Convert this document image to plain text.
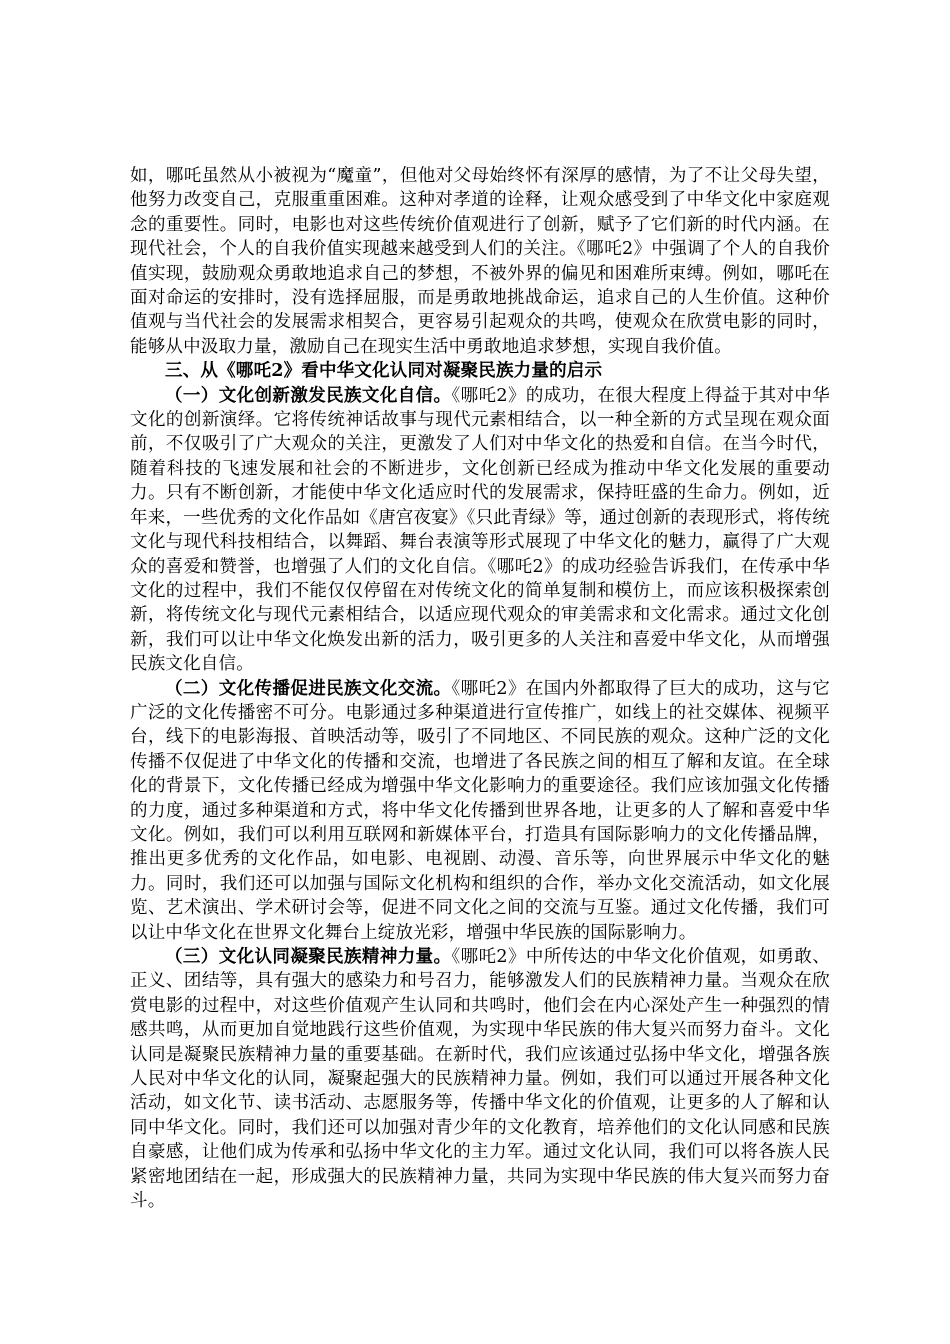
如，哪吒虽然从小被视为“魔童”，但他对父母始终怀有深厚的感情，为了不让父母失望，他努力改变自己，克服重重困难。这种对孝道的诠释，让观众感受到了中华文化中家庭观念的重要性。同时，电影也对这些传统价值观进行了创新，赋予了它们新的时代内涵。在现代社会，个人的自我价值实现越来越受到人们的关注。《哪吒2》中强调了个人的自我价值实现，鼓励观众勇敢地追求自己的梦想，不被外界的偏见和困难所束缚。例如，哪吒在面对命运的安排时，没有选择屈服，而是勇敢地挑战命运，追求自己的人生价值。这种价值观与当代社会的发展需求相契合，更容易引起观众的共鸣，使观众在欣赏电影的同时，能够从中汲取力量，激励自己在现实生活中勇敢地追求梦想，实现自我价值。

三、从《哪吒2》看中华文化认同对凝聚民族力量的启示

（一）文化创新激发民族文化自信。《哪吒2》的成功，在很大程度上得益于其对中华文化的创新演绎。它将传统神话故事与现代元素相结合，以一种全新的方式呈现在观众面前，不仅吸引了广大观众的关注，更激发了人们对中华文化的热爱和自信。在当今时代，随着科技的飞速发展和社会的不断进步，文化创新已经成为推动中华文化发展的重要动力。只有不断创新，才能使中华文化适应时代的发展需求，保持旺盛的生命力。例如，近年来，一些优秀的文化作品如《唐宫夜宴》《只此青绿》等，通过创新的表现形式，将传统文化与现代科技相结合，以舞蹈、舞台表演等形式展现了中华文化的魅力，赢得了广大观众的喜爱和赞誉，也增强了人们的文化自信。《哪吒2》的成功经验告诉我们，在传承中华文化的过程中，我们不能仅仅停留在对传统文化的简单复制和模仿上，而应该积极探索创新，将传统文化与现代元素相结合，以适应现代观众的审美需求和文化需求。通过文化创新，我们可以让中华文化焕发出新的活力，吸引更多的人关注和喜爱中华文化，从而增强民族文化自信。

（二）文化传播促进民族文化交流。《哪吒2》在国内外都取得了巨大的成功，这与它广泛的文化传播密不可分。电影通过多种渠道进行宣传推广，如线上的社交媒体、视频平台，线下的电影海报、首映活动等，吸引了不同地区、不同民族的观众。这种广泛的文化传播不仅促进了中华文化的传播和交流，也增进了各民族之间的相互了解和友谊。在全球化的背景下，文化传播已经成为增强中华文化影响力的重要途径。我们应该加强文化传播的力度，通过多种渠道和方式，将中华文化传播到世界各地，让更多的人了解和喜爱中华文化。例如，我们可以利用互联网和新媒体平台，打造具有国际影响力的文化传播品牌，推出更多优秀的文化作品，如电影、电视剧、动漫、音乐等，向世界展示中华文化的魅力。同时，我们还可以加强与国际文化机构和组织的合作，举办文化交流活动，如文化展览、艺术演出、学术研讨会等，促进不同文化之间的交流与互鉴。通过文化传播，我们可以让中华文化在世界文化舞台上绽放光彩，增强中华民族的国际影响力。

（三）文化认同凝聚民族精神力量。《哪吒2》中所传达的中华文化价值观，如勇敢、正义、团结等，具有强大的感染力和号召力，能够激发人们的民族精神力量。当观众在欣赏电影的过程中，对这些价值观产生认同和共鸣时，他们会在内心深处产生一种强烈的情感共鸣，从而更加自觉地践行这些价值观，为实现中华民族的伟大复兴而努力奋斗。文化认同是凝聚民族精神力量的重要基础。在新时代，我们应该通过弘扬中华文化，增强各族人民对中华文化的认同，凝聚起强大的民族精神力量。例如，我们可以通过开展各种文化活动，如文化节、读书活动、志愿服务等，传播中华文化的价值观，让更多的人了解和认同中华文化。同时，我们还可以加强对青少年的文化教育，培养他们的文化认同感和民族自豪感，让他们成为传承和弘扬中华文化的主力军。通过文化认同，我们可以将各族人民紧密地团结在一起，形成强大的民族精神力量，共同为实现中华民族的伟大复兴而努力奋斗。
